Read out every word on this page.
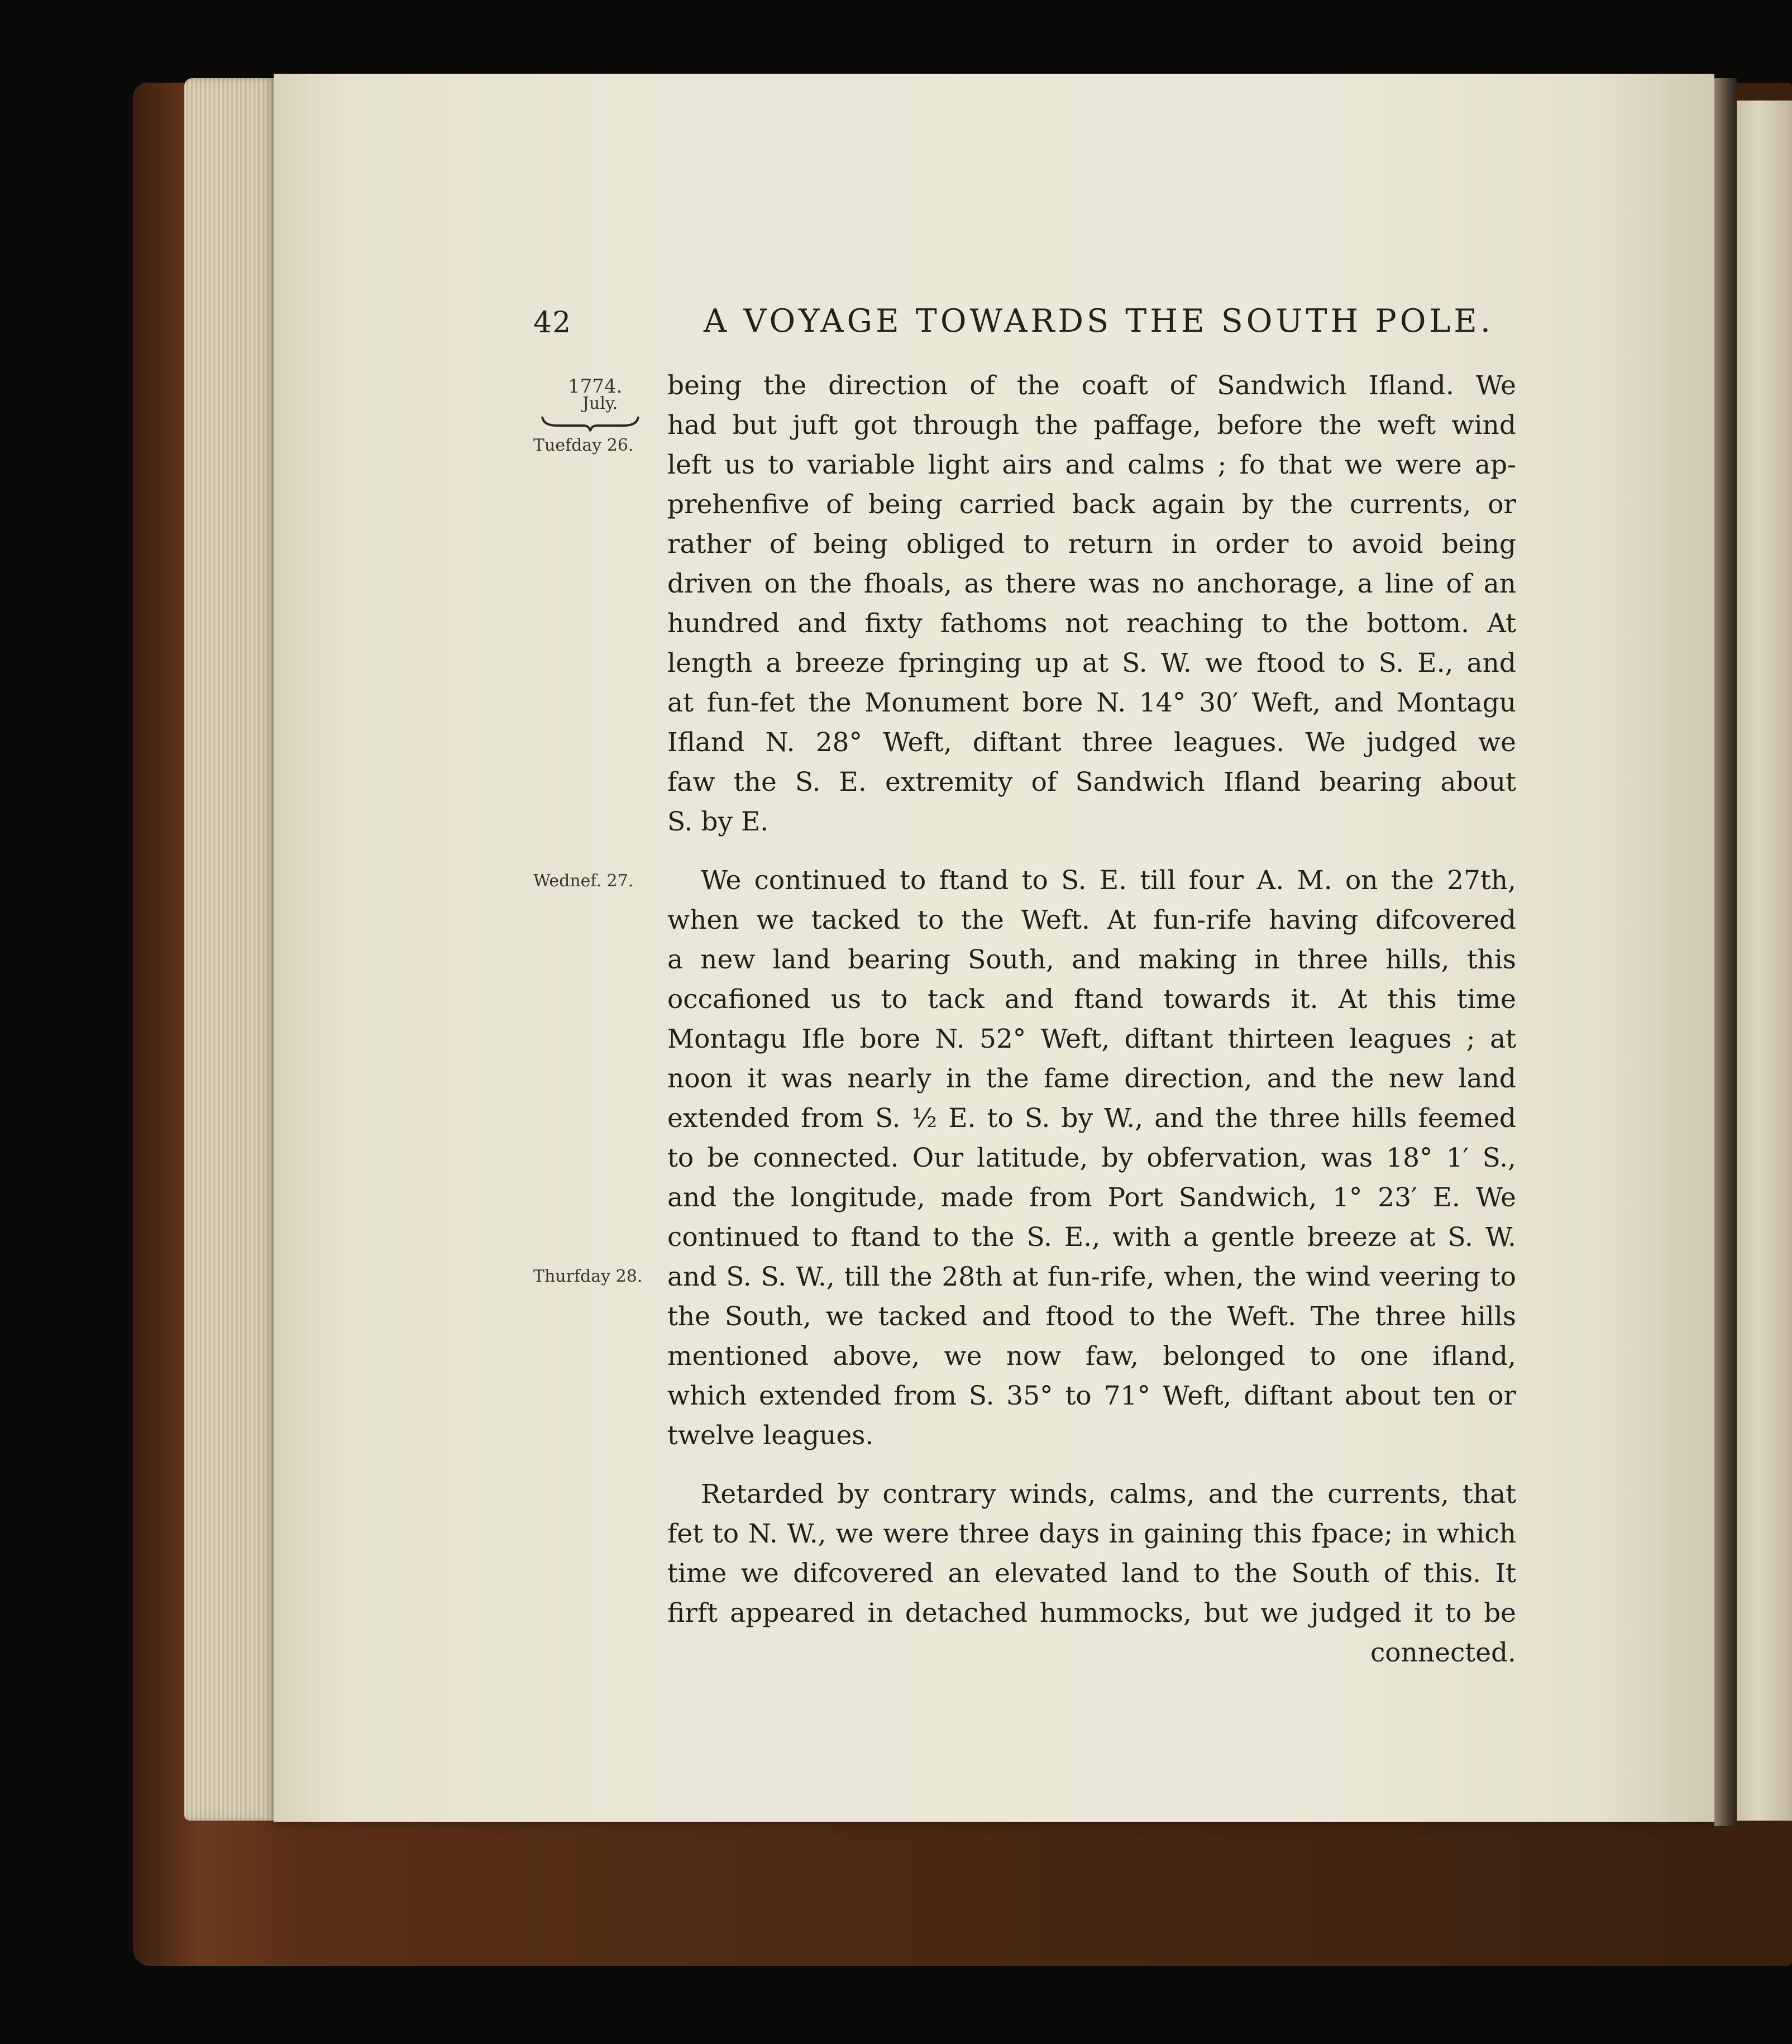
42	A VOYAGE TOWARDS THE SOUTH POLE.
1774.
July.
Tuefday 26.
Wednef. 27.
Thurfday 28.
being the direction of the coaft of Sandwich Ifland. We
had but juft got through the paffage, before the weft wind
left us to variable light airs and calms ; fo that we were ap-
prehenfive of being carried back again by the currents, or
rather of being obliged to return in order to avoid being
driven on the fhoals, as there was no anchorage, a line of an
hundred and fixty fathoms not reaching to the bottom. At
length a breeze fpringing up at S. W. we ftood to S. E., and
at fun-fet the Monument bore N. 14° 30′ Weft, and Montagu
Ifland N. 28° Weft, diftant three leagues. We judged we
faw the S. E. extremity of Sandwich Ifland bearing about
S. by E.
We continued to ftand to S. E. till four A. M. on the 27th,
when we tacked to the Weft. At fun-rife having difcovered
a new land bearing South, and making in three hills, this
occafioned us to tack and ftand towards it. At this time
Montagu Ifle bore N. 52° Weft, diftant thirteen leagues ; at
noon it was nearly in the fame direction, and the new land
extended from S. ½ E. to S. by W., and the three hills feemed
to be connected. Our latitude, by obfervation, was 18° 1′ S.,
and the longitude, made from Port Sandwich, 1° 23′ E. We
continued to ftand to the S. E., with a gentle breeze at S. W.
and S. S. W., till the 28th at fun-rife, when, the wind veering to
the South, we tacked and ftood to the Weft. The three hills
mentioned above, we now faw, belonged to one ifland,
which extended from S. 35° to 71° Weft, diftant about ten or
twelve leagues.
Retarded by contrary winds, calms, and the currents, that
fet to N. W., we were three days in gaining this fpace; in which
time we difcovered an elevated land to the South of this. It
firft appeared in detached hummocks, but we judged it to be
connected.
